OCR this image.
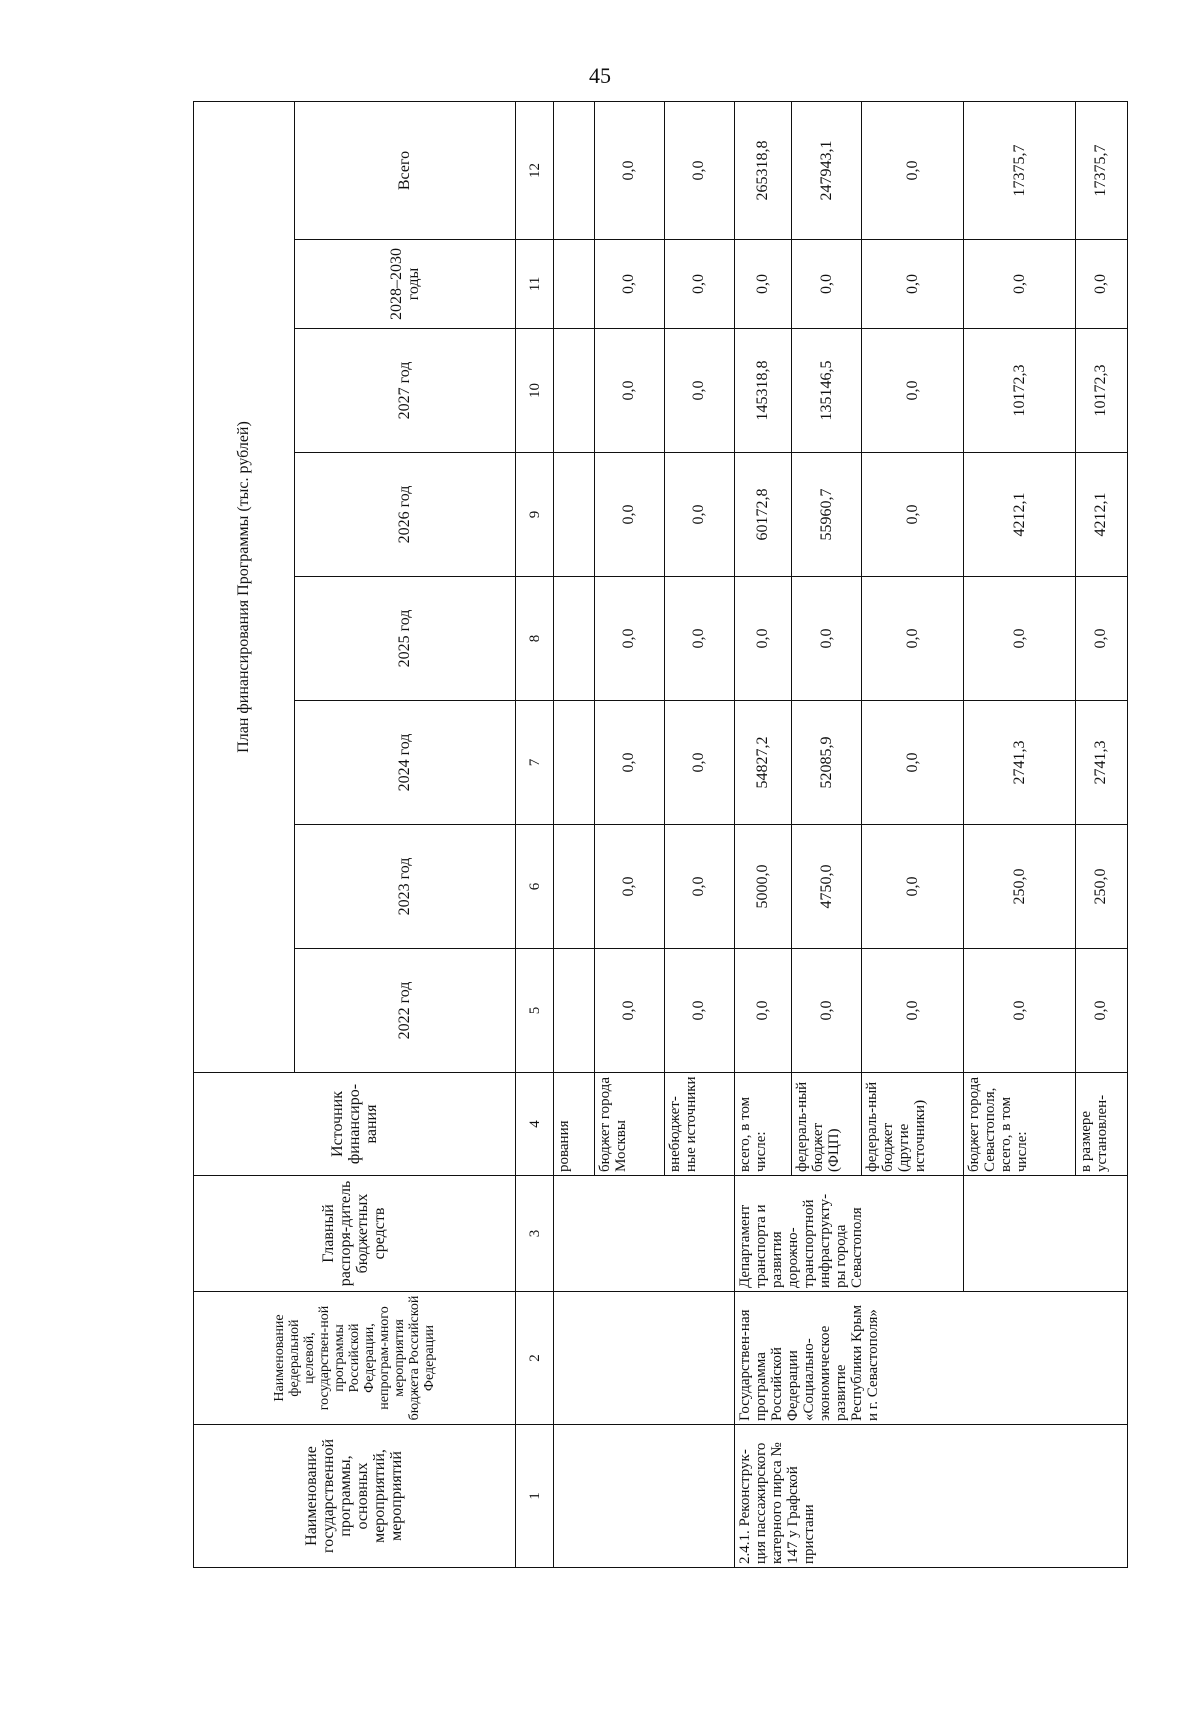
45
Наименование государственной программы, основных мероприятий, мероприятий	Наименование федеральной целевой, государствен-ной программы Российской Федерации, непрограм-много мероприятия бюджета Российской Федерации	Главный распоря-дитель бюджетных средств	Источник финансиро-вания	План финансирования Программы (тыс. рублей)							
				2022 год	2023 год	2024 год	2025 год	2026 год	2027 год	2028–2030 годы	Всего
1	2	3	4	5	6	7	8	9	10	11	12
			рования								
			бюджет города Москвы	0,0	0,0	0,0	0,0	0,0	0,0	0,0	0,0
			внебюджет-ные источники	0,0	0,0	0,0	0,0	0,0	0,0	0,0	0,0
2.4.1. Реконструк-ция пассажирского катерного пирса № 147 у Графской пристани	Государствен-ная программа Российской Федерации «Социально-экономическое развитие Республики Крым и г. Севастополя»	Департамент транспорта и развития дорожно-транспортной инфраструкту-ры города Севастополя	всего, в том числе:	0,0	5000,0	54827,2	0,0	60172,8	145318,8	0,0	265318,8
			федераль-ный бюджет (ФЦП)	0,0	4750,0	52085,9	0,0	55960,7	135146,5	0,0	247943,1
			федераль-ный бюджет (другие источники)	0,0	0,0	0,0	0,0	0,0	0,0	0,0	0,0
			бюджет города Севастополя, всего, в том числе:	0,0	250,0	2741,3	0,0	4212,1	10172,3	0,0	17375,7
			в размере установлен-	0,0	250,0	2741,3	0,0	4212,1	10172,3	0,0	17375,7
